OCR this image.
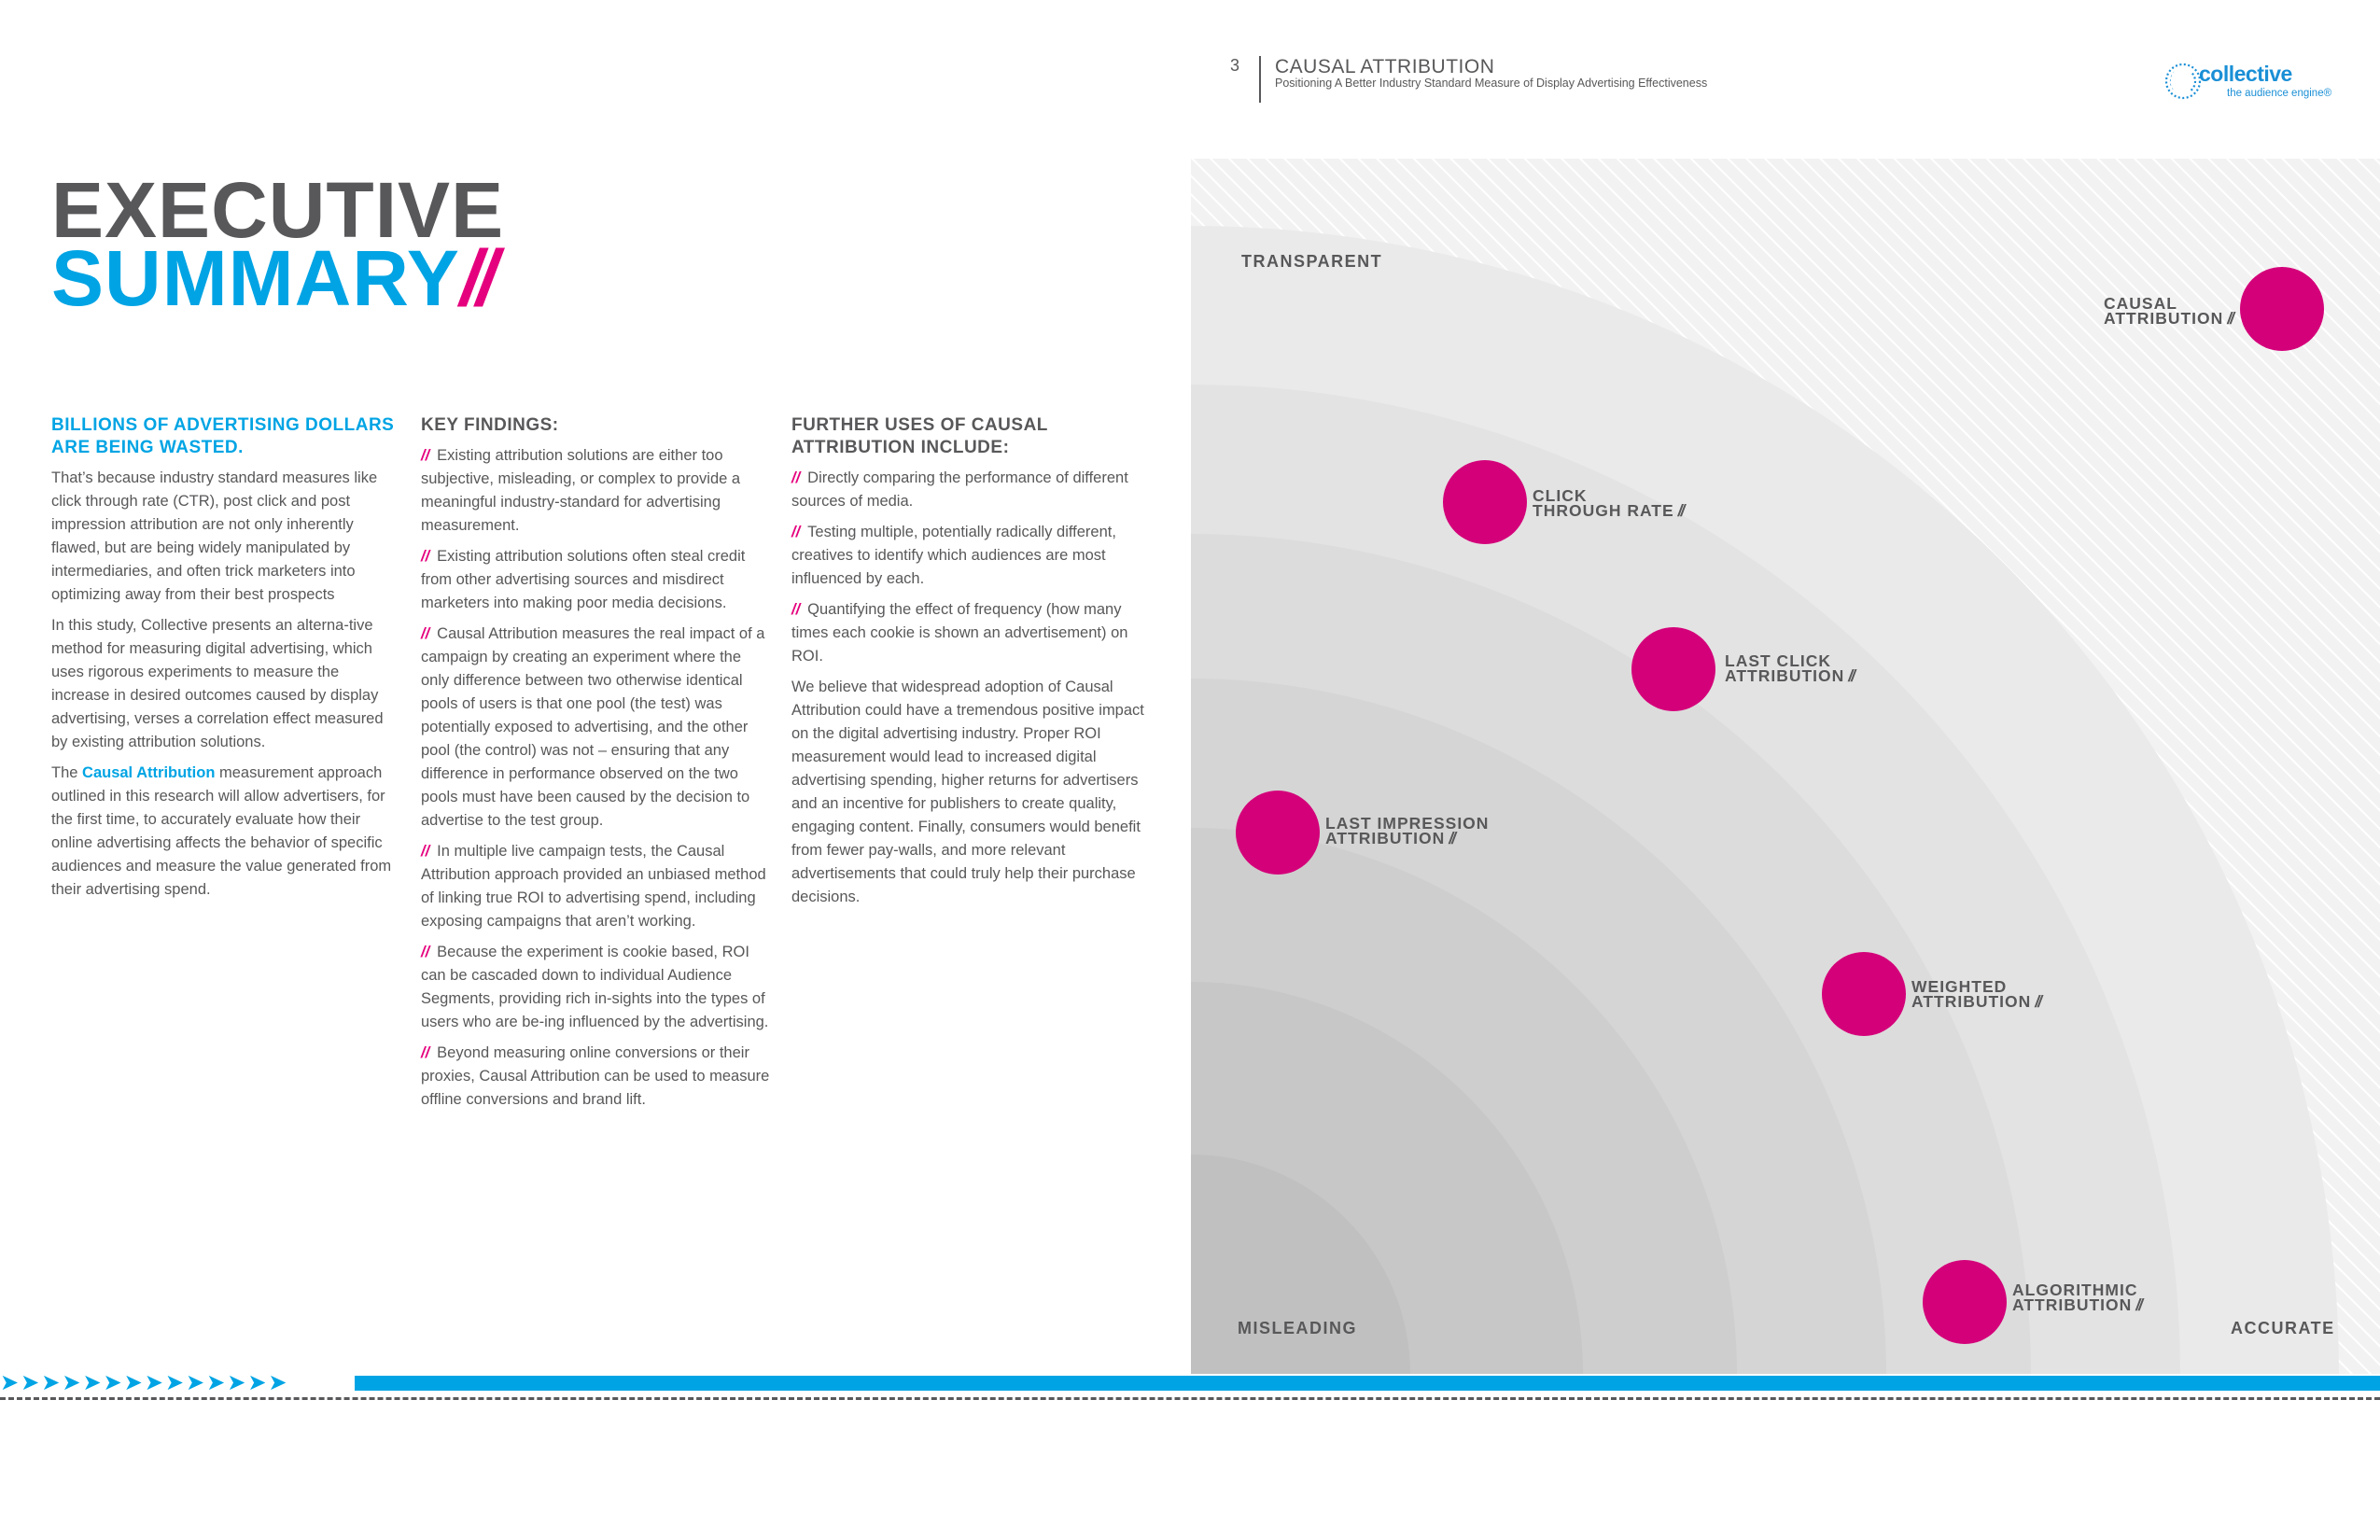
3 CAUSAL ATTRIBUTION
Positioning A Better Industry Standard Measure of Display Advertising Effectiveness	collective
the audience engine®
EXECUTIVE
SUMMARY//
BILLIONS OF ADVERTISING DOLLARS ARE BEING WASTED.

That’s because industry standard measures like click through rate (CTR), post click and post impression attribution are not only inherently flawed, but are being widely manipulated by intermediaries, and often trick marketers into optimizing away from their best prospects

In this study, Collective presents an alterna-tive method for measuring digital advertising, which uses rigorous experiments to measure the increase in desired outcomes caused by display advertising, verses a correlation effect measured by existing attribution solutions.

The Causal Attribution measurement approach outlined in this research will allow advertisers, for the first time, to accurately evaluate how their online advertising affects the behavior of specific audiences and measure the value generated from their advertising spend.

KEY FINDINGS:

// Existing attribution solutions are either too subjective, misleading, or complex to provide a meaningful industry-standard for advertising measurement.

// Existing attribution solutions often steal credit from other advertising sources and misdirect marketers into making poor media decisions.

// Causal Attribution measures the real impact of a campaign by creating an experiment where the only difference between two otherwise identical pools of users is that one pool (the test) was potentially exposed to advertising, and the other pool (the control) was not – ensuring that any difference in performance observed on the two pools must have been caused by the decision to advertise to the test group.

// In multiple live campaign tests, the Causal Attribution approach provided an unbiased method of linking true ROI to advertising spend, including exposing campaigns that aren’t working.

// Because the experiment is cookie based, ROI can be cascaded down to individual Audience Segments, providing rich in-sights into the types of users who are be-ing influenced by the advertising.

// Beyond measuring online conversions or their proxies, Causal Attribution can be used to measure offline conversions and brand lift.

FURTHER USES OF CAUSAL ATTRIBUTION INCLUDE:

// Directly comparing the performance of different sources of media.

// Testing multiple, potentially radically different, creatives to identify which audiences are most influenced by each.

// Quantifying the effect of frequency (how many times each cookie is shown an advertisement) on ROI.

We believe that widespread adoption of Causal Attribution could have a tremendous positive impact on the digital advertising industry. Proper ROI measurement would lead to increased digital advertising spending, higher returns for advertisers and an incentive for publishers to create quality, engaging content. Finally, consumers would benefit from fewer pay-walls, and more relevant advertisements that could truly help their purchase decisions.

TRANSPARENT
MISLEADING	ACCURATE
CAUSAL
ATTRIBUTION //
CLICK
THROUGH RATE //
LAST CLICK
ATTRIBUTION //
LAST IMPRESSION
ATTRIBUTION //
WEIGHTED
ATTRIBUTION //
ALGORITHMIC
ATTRIBUTION //
➤➤➤➤➤➤➤➤➤➤➤➤➤➤
